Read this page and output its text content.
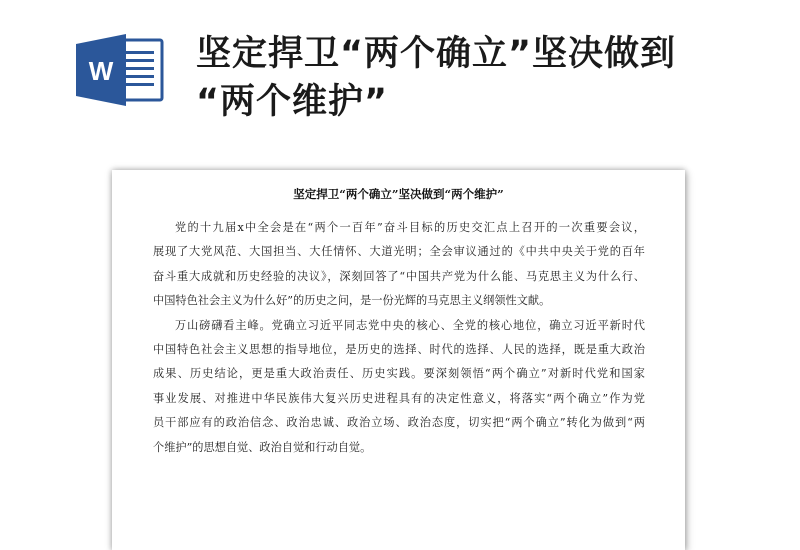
W 坚定捍卫“两个确立”坚决做到
“两个维护”

坚定捍卫“两个确立”坚决做到“两个维护”

党的十九届x中全会是在“两个一百年”奋斗目标的历史交汇点上召开的一次重要会议，

展现了大党风范、大国担当、大任情怀、大道光明；全会审议通过的《中共中央关于党的百年

奋斗重大成就和历史经验的决议》，深刻回答了“中国共产党为什么能、马克思主义为什么行、

中国特色社会主义为什么好”的历史之问，是一份光辉的马克思主义纲领性文献。

万山磅礴看主峰。党确立习近平同志党中央的核心、全党的核心地位，确立习近平新时代

中国特色社会主义思想的指导地位，是历史的选择、时代的选择、人民的选择，既是重大政治

成果、历史结论，更是重大政治责任、历史实践。要深刻领悟“两个确立”对新时代党和国家

事业发展、对推进中华民族伟大复兴历史进程具有的决定性意义，将落实“两个确立”作为党

员干部应有的政治信念、政治忠诚、政治立场、政治态度，切实把“两个确立”转化为做到“两

个维护”的思想自觉、政治自觉和行动自觉。
